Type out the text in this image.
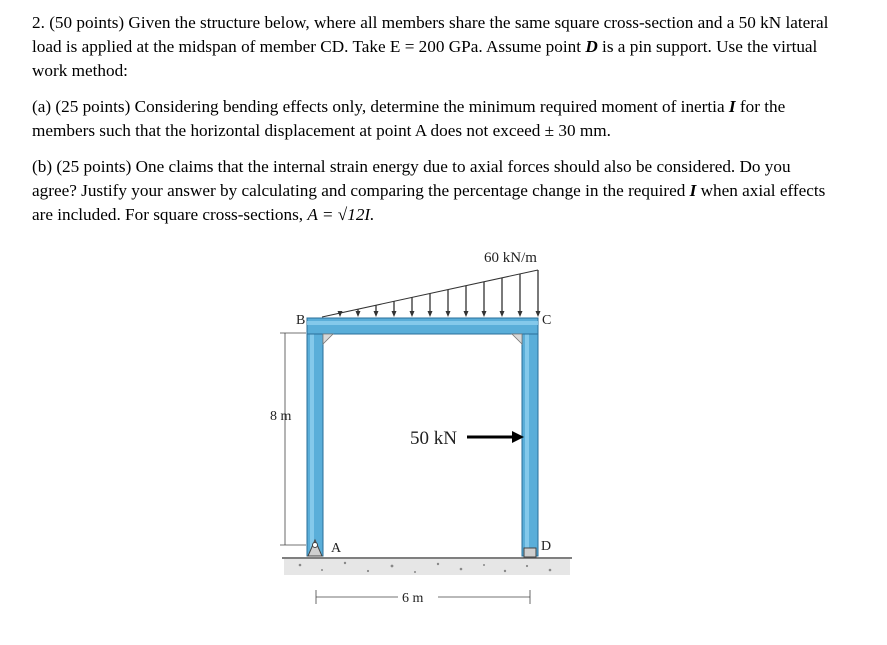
2. (50 points) Given the structure below, where all members share the same square cross-section and a 50 kN lateral load is applied at the midspan of member CD. Take E = 200 GPa. Assume point D is a pin support. Use the virtual work method:
(a) (25 points) Considering bending effects only, determine the minimum required moment of inertia I for the members such that the horizontal displacement at point A does not exceed ± 30 mm.
(b) (25 points) One claims that the internal strain energy due to axial forces should also be considered. Do you agree? Justify your answer by calculating and comparing the percentage change in the required I when axial effects are included. For square cross-sections, A = √12I.
60 kN/m
50 kN
8 m
6 m
B	C
A	D
